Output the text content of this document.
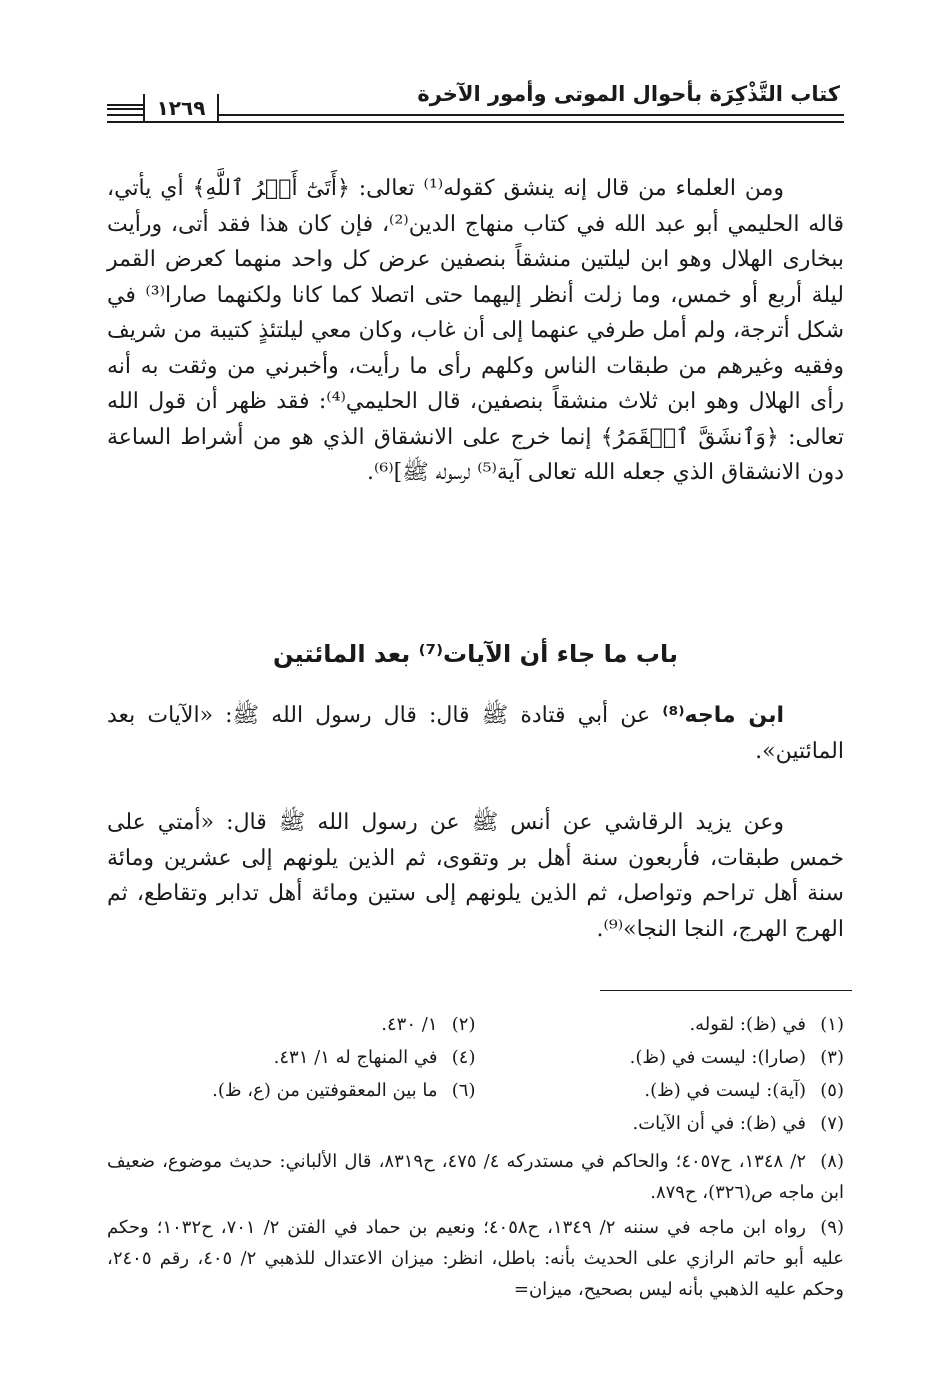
كتاب التَّذْكِرَة بأحوال الموتى وأمور الآخرة
١٢٦٩

ومن العلماء من قال إنه ينشق كقوله⁽¹⁾ تعالى: ﴿أَتَىٰٓ أَمۡرُ ٱللَّهِ﴾ أي يأتي، قاله الحليمي أبو عبد الله في كتاب منهاج الدين⁽²⁾، فإن كان هذا فقد أتى، ورأيت ببخارى الهلال وهو ابن ليلتين منشقاً بنصفين عرض كل واحد منهما كعرض القمر ليلة أربع أو خمس، وما زلت أنظر إليهما حتى اتصلا كما كانا ولكنهما صارا⁽³⁾ في شكل أترجة، ولم أمل طرفي عنهما إلى أن غاب، وكان معي ليلتئذٍ كتيبة من شريف وفقيه وغيرهم من طبقات الناس وكلهم رأى ما رأيت، وأخبرني من وثقت به أنه رأى الهلال وهو ابن ثلاث منشقاً بنصفين، قال الحليمي⁽⁴⁾: فقد ظهر أن قول الله تعالى: ﴿وَٱنشَقَّ ٱلۡقَمَرُ﴾ إنما خرج على الانشقاق الذي هو من أشراط الساعة دون الانشقاق الذي جعله الله تعالى آية⁽⁵⁾ لرسوله ﷺ]⁽⁶⁾.

باب ما جاء أن الآيات⁽⁷⁾ بعد المائتين

ابن ماجه⁽⁸⁾ عن أبي قتادة ﷺ قال: قال رسول الله ﷺ: «الآيات بعد المائتين».

وعن يزيد الرقاشي عن أنس ﷺ عن رسول الله ﷺ قال: «أمتي على خمس طبقات، فأربعون سنة أهل بر وتقوى، ثم الذين يلونهم إلى عشرين ومائة سنة أهل تراحم وتواصل، ثم الذين يلونهم إلى ستين ومائة أهل تدابر وتقاطع، ثم الهرج الهرج، النجا النجا»⁽⁹⁾.

(١)في (ظ): لقوله.
(٢)١/ ٤٣٠.
(٣)(صارا): ليست في (ظ).
(٤)في المنهاج له ١/ ٤٣١.
(٥)(آية): ليست في (ظ).
(٦)ما بين المعقوفتين من (ع، ظ).
(٧)في (ظ): في أن الآيات.
(٨)٢/ ١٣٤٨، ح٤٠٥٧؛ والحاكم في مستدركه ٤/ ٤٧٥، ح٨٣١٩، قال الألباني: حديث موضوع، ضعيف ابن ماجه ص(٣٢٦)، ح٨٧٩.
(٩)رواه ابن ماجه في سننه ٢/ ١٣٤٩، ح٤٠٥٨؛ ونعيم بن حماد في الفتن ٢/ ٧٠١، ح١٠٣٢؛ وحكم عليه أبو حاتم الرازي على الحديث بأنه: باطل، انظر: ميزان الاعتدال للذهبي ٢/ ٤٠٥، رقم ٢٤٠٥، وحكم عليه الذهبي بأنه ليس بصحيح، ميزان=
